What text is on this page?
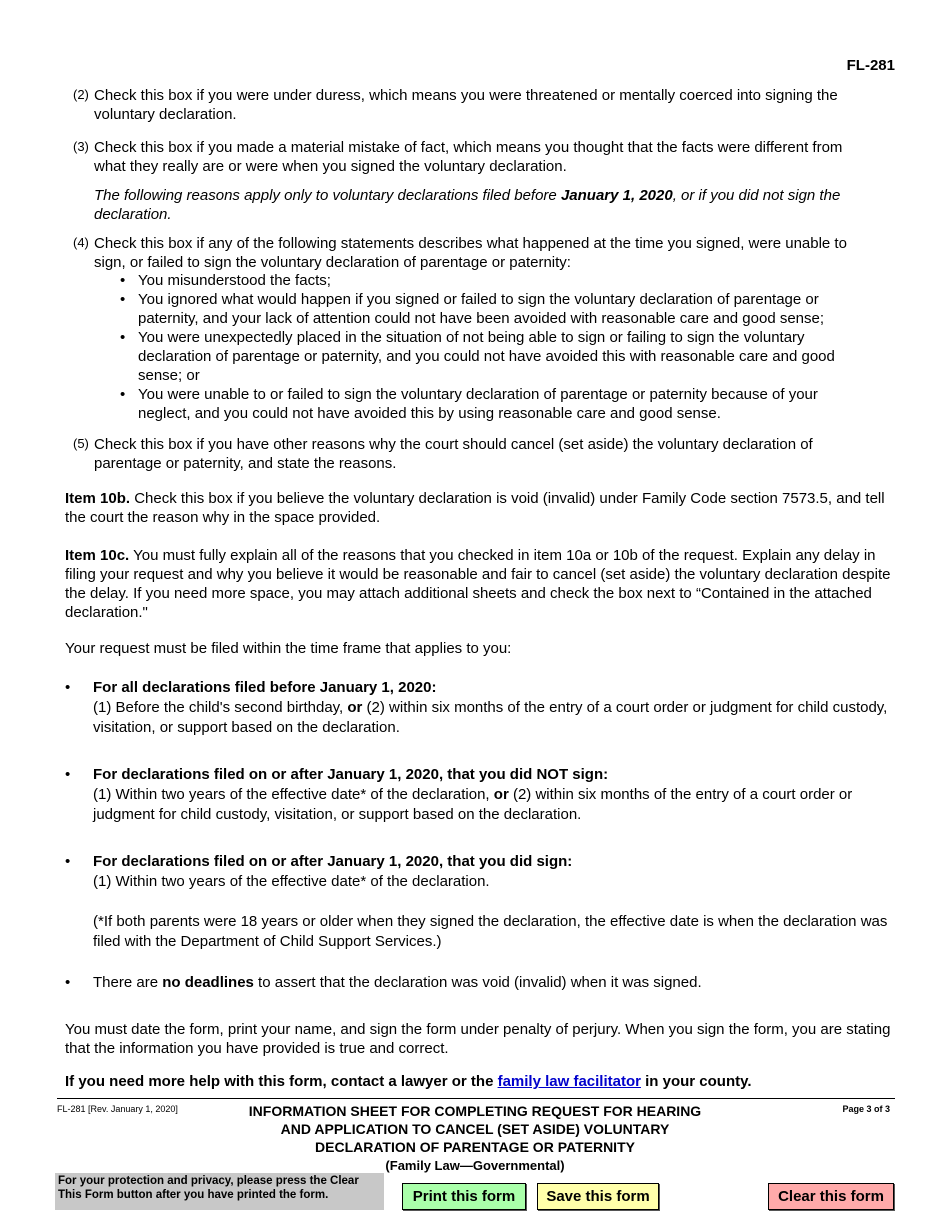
FL-281
(2) Check this box if you were under duress, which means you were threatened or mentally coerced into signing the voluntary declaration.
(3) Check this box if you made a material mistake of fact, which means you thought that the facts were different from what they really are or were when you signed the voluntary declaration.
The following reasons apply only to voluntary declarations filed before January 1, 2020, or if you did not sign the declaration.
(4) Check this box if any of the following statements describes what happened at the time you signed, were unable to sign, or failed to sign the voluntary declaration of parentage or paternity:
• You misunderstood the facts;
• You ignored what would happen if you signed or failed to sign the voluntary declaration of parentage or paternity, and your lack of attention could not have been avoided with reasonable care and good sense;
• You were unexpectedly placed in the situation of not being able to sign or failing to sign the voluntary declaration of parentage or paternity, and you could not have avoided this with reasonable care and good sense; or
• You were unable to or failed to sign the voluntary declaration of parentage or paternity because of your neglect, and you could not have avoided this by using reasonable care and good sense.
(5) Check this box if you have other reasons why the court should cancel (set aside) the voluntary declaration of parentage or paternity, and state the reasons.
Item 10b. Check this box if you believe the voluntary declaration is void (invalid) under Family Code section 7573.5, and tell the court the reason why in the space provided.
Item 10c. You must fully explain all of the reasons that you checked in item 10a or 10b of the request. Explain any delay in filing your request and why you believe it would be reasonable and fair to cancel (set aside) the voluntary declaration despite the delay. If you need more space, you may attach additional sheets and check the box next to “Contained in the attached declaration."
Your request must be filed within the time frame that applies to you:
• For all declarations filed before January 1, 2020:
(1) Before the child's second birthday, or (2) within six months of the entry of a court order or judgment for child custody, visitation, or support based on the declaration.
• For declarations filed on or after January 1, 2020, that you did NOT sign:
(1) Within two years of the effective date* of the declaration, or (2) within six months of the entry of a court order or judgment for child custody, visitation, or support based on the declaration.
• For declarations filed on or after January 1, 2020, that you did sign:
(1) Within two years of the effective date* of the declaration.
(*If both parents were 18 years or older when they signed the declaration, the effective date is when the declaration was filed with the Department of Child Support Services.)
• There are no deadlines to assert that the declaration was void (invalid) when it was signed.
You must date the form, print your name, and sign the form under penalty of perjury. When you sign the form, you are stating that the information you have provided is true and correct.
If you need more help with this form, contact a lawyer or the family law facilitator in your county.
FL-281 [Rev. January 1, 2020]	Page 3 of 3
INFORMATION SHEET FOR COMPLETING REQUEST FOR HEARING
AND APPLICATION TO CANCEL (SET ASIDE) VOLUNTARY
DECLARATION OF PARENTAGE OR PATERNITY
(Family Law—Governmental)
For your protection and privacy, please press the Clear This Form button after you have printed the form.	Print this form	Save this form	Clear this form
